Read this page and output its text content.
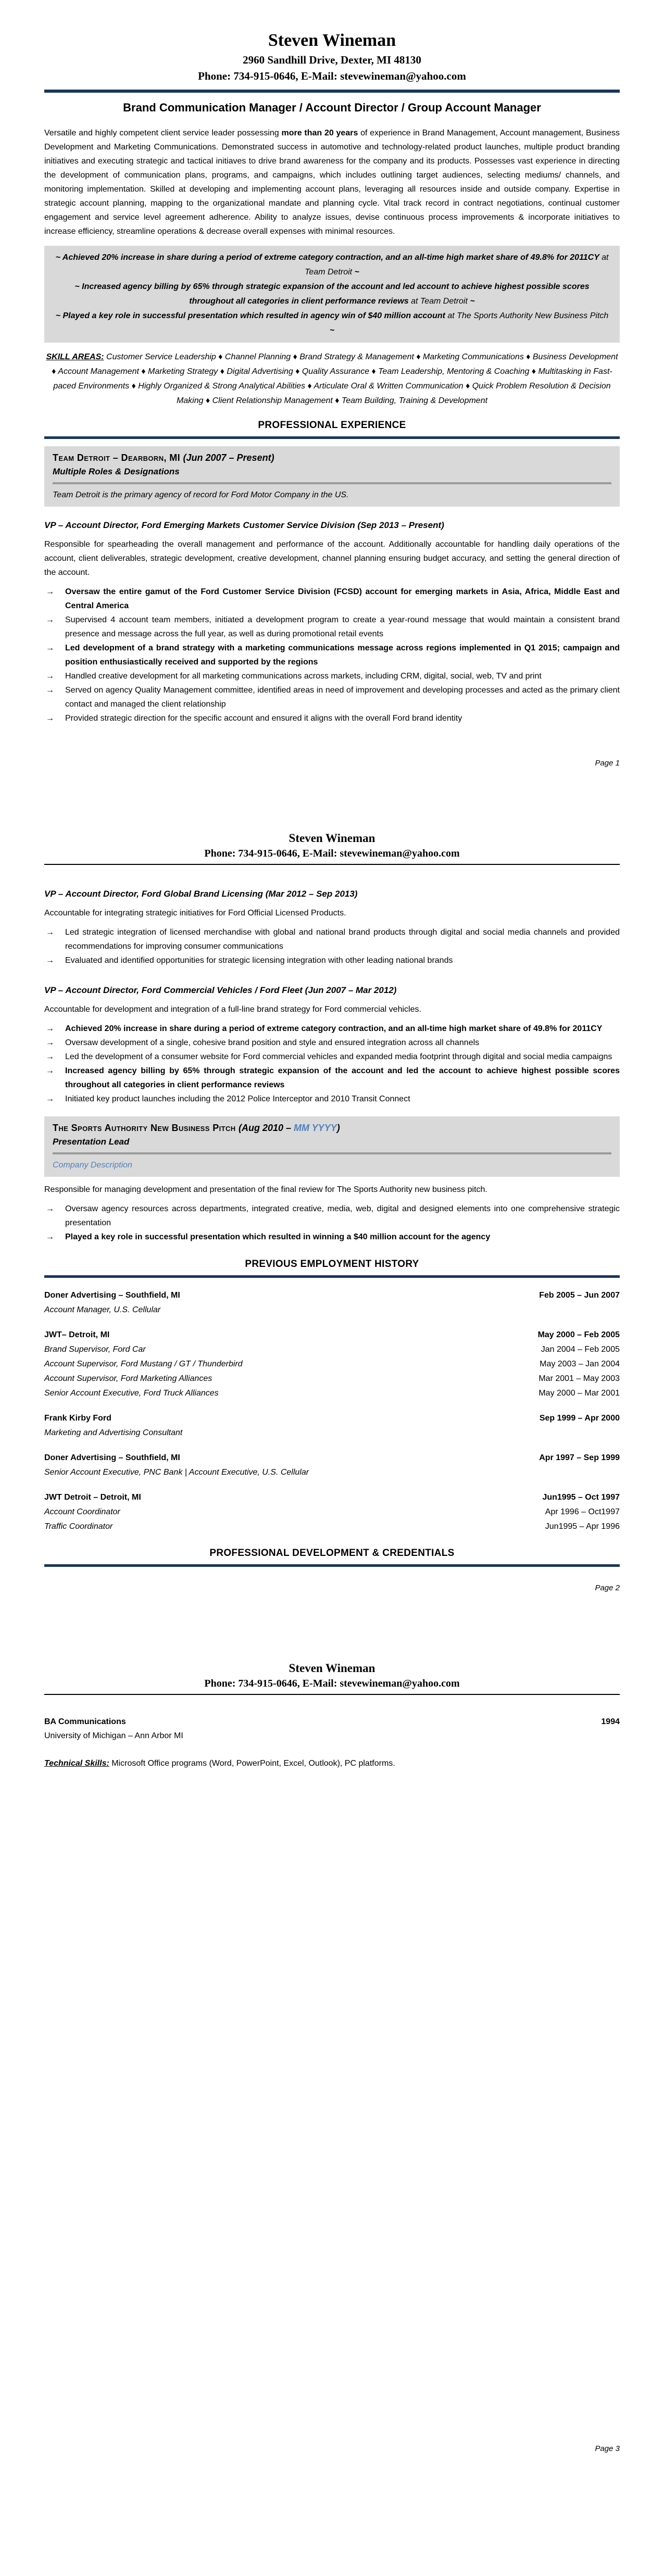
Steven Wineman
2960 Sandhill Drive, Dexter, MI 48130
Phone: 734-915-0646, E-Mail: stevewineman@yahoo.com
Brand Communication Manager / Account Director / Group Account Manager

Versatile and highly competent client service leader possessing more than 20 years of experience in Brand Management, Account management, Business Development and Marketing Communications. Demonstrated success in automotive and technology-related product launches, multiple product branding initiatives and executing strategic and tactical initiaves to drive brand awareness for the company and its products. Possesses vast experience in directing the development of communication plans, programs, and campaigns, which includes outlining target audiences, selecting mediums/ channels, and monitoring implementation. Skilled at developing and implementing account plans, leveraging all resources inside and outside company. Expertise in strategic account planning, mapping to the organizational mandate and planning cycle. Vital track record in contract negotiations, continual customer engagement and service level agreement adherence. Ability to analyze issues, devise continuous process improvements & incorporate initiatives to increase efficiency, streamline operations & decrease overall expenses with minimal resources.

~ Achieved 20% increase in share during a period of extreme category contraction, and an all-time high market share of 49.8% for 2011CY at Team Detroit ~

~ Increased agency billing by 65% through strategic expansion of the account and led account to achieve highest possible scores throughout all categories in client performance reviews at Team Detroit ~

~ Played a key role in successful presentation which resulted in agency win of $40 million account at The Sports Authority New Business Pitch ~

SKILL AREAS: Customer Service Leadership ♦ Channel Planning ♦ Brand Strategy & Management ♦ Marketing Communications ♦ Business Development ♦ Account Management ♦ Marketing Strategy ♦ Digital Advertising ♦ Quality Assurance ♦ Team Leadership, Mentoring & Coaching ♦ Multitasking in Fast-paced Environments ♦ Highly Organized & Strong Analytical Abilities ♦ Articulate Oral & Written Communication ♦ Quick Problem Resolution & Decision Making ♦ Client Relationship Management ♦ Team Building, Training & Development

PROFESSIONAL EXPERIENCE

Team Detroit – Dearborn, MI (Jun 2007 – Present)

Multiple Roles & Designations

Team Detroit is the primary agency of record for Ford Motor Company in the US.

VP – Account Director, Ford Emerging Markets Customer Service Division (Sep 2013 – Present)

Responsible for spearheading the overall management and performance of the account. Additionally accountable for handling daily operations of the account, client deliverables, strategic development, creative development, channel planning ensuring budget accuracy, and setting the general direction of the account.

→	Oversaw the entire gamut of the Ford Customer Service Division (FCSD) account for emerging markets in Asia, Africa, Middle East and Central America
→	Supervised 4 account team members, initiated a development program to create a year-round message that would maintain a consistent brand presence and message across the full year, as well as during promotional retail events
→	Led development of a brand strategy with a marketing communications message across regions implemented in Q1 2015; campaign and position enthusiastically received and supported by the regions
→	Handled creative development for all marketing communications across markets, including CRM, digital, social, web, TV and print
→	Served on agency Quality Management committee, identified areas in need of improvement and developing processes and acted as the primary client contact and managed the client relationship
→	Provided strategic direction for the specific account and ensured it aligns with the overall Ford brand identity
Page 1
Steven Wineman
Phone: 734-915-0646, E-Mail: stevewineman@yahoo.com
VP – Account Director, Ford Global Brand Licensing (Mar 2012 – Sep 2013)

Accountable for integrating strategic initiatives for Ford Official Licensed Products.

→	Led strategic integration of licensed merchandise with global and national brand products through digital and social media channels and provided recommendations for improving consumer communications
→	Evaluated and identified opportunities for strategic licensing integration with other leading national brands
VP – Account Director, Ford Commercial Vehicles / Ford Fleet (Jun 2007 – Mar 2012)

Accountable for development and integration of a full-line brand strategy for Ford commercial vehicles.

→	Achieved 20% increase in share during a period of extreme category contraction, and an all-time high market share of 49.8% for 2011CY
→	Oversaw development of a single, cohesive brand position and style and ensured integration across all channels
→	Led the development of a consumer website for Ford commercial vehicles and expanded media footprint through digital and social media campaigns
→	Increased agency billing by 65% through strategic expansion of the account and led the account to achieve highest possible scores throughout all categories in client performance reviews
→	Initiated key product launches including the 2012 Police Interceptor and 2010 Transit Connect

The Sports Authority New Business Pitch (Aug 2010 – MM YYYY)

Presentation Lead

Company Description

Responsible for managing development and presentation of the final review for The Sports Authority new business pitch.

→	Oversaw agency resources across departments, integrated creative, media, web, digital and designed elements into one comprehensive strategic presentation
→	Played a key role in successful presentation which resulted in winning a $40 million account for the agency
PREVIOUS EMPLOYMENT HISTORY
Doner Advertising – Southfield, MI	Feb 2005 – Jun 2007
Account Manager, U.S. Cellular
JWT– Detroit, MI	May 2000 – Feb 2005
Brand Supervisor, Ford Car	Jan 2004 – Feb 2005
Account Supervisor, Ford Mustang / GT / Thunderbird	May 2003 – Jan 2004
Account Supervisor, Ford Marketing Alliances	Mar 2001 – May 2003
Senior Account Executive, Ford Truck Alliances	May 2000 – Mar 2001
Frank Kirby Ford	Sep 1999 – Apr 2000
Marketing and Advertising Consultant
Doner Advertising – Southfield, MI	Apr 1997 – Sep 1999
Senior Account Executive, PNC Bank | Account Executive, U.S. Cellular
JWT Detroit – Detroit, MI	Jun1995 – Oct 1997
Account Coordinator	Apr 1996 – Oct1997
Traffic Coordinator	Jun1995 – Apr 1996
PROFESSIONAL DEVELOPMENT & CREDENTIALS
Page 2
Steven Wineman
Phone: 734-915-0646, E-Mail: stevewineman@yahoo.com
BA Communications	1994
University of Michigan – Ann Arbor MI

Technical Skills: Microsoft Office programs (Word, PowerPoint, Excel, Outlook), PC platforms.

Page 3
